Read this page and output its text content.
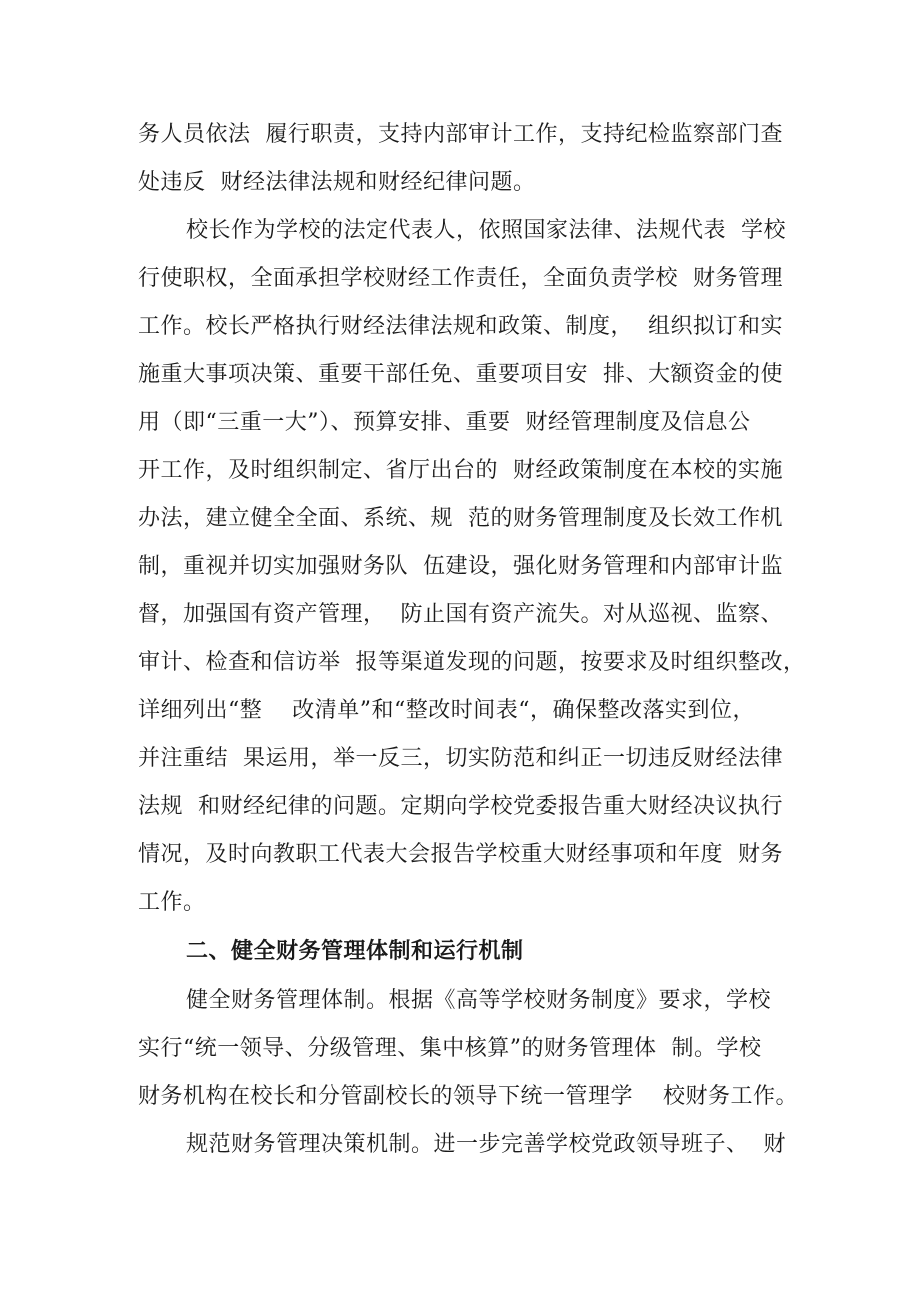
务人员依法  履行职责，支持内部审计工作，支持纪检监察部门查

处违反  财经法律法规和财经纪律问题。

校长作为学校的法定代表人，依照国家法律、法规代表  学校

行使职权，全面承担学校财经工作责任，全面负责学校  财务管理

工作。校长严格执行财经法律法规和政策、制度，  组织拟订和实

施重大事项决策、重要干部任免、重要项目安  排、大额资金的使

用（即“三重一大”）、预算安排、重要  财经管理制度及信息公

开工作，及时组织制定、省厅出台的  财经政策制度在本校的实施

办法，建立健全全面、系统、规  范的财务管理制度及长效工作机

制，重视并切实加强财务队  伍建设，强化财务管理和内部审计监

督，加强国有资产管理，  防止国有资产流失。对从巡视、监察、

审计、检查和信访举  报等渠道发现的问题，按要求及时组织整改，

详细列出“整    改清单”和“整改时间表“，确保整改落实到位，

并注重结  果运用，举一反三，切实防范和纠正一切违反财经法律

法规  和财经纪律的问题。定期向学校党委报告重大财经决议执行

情况，及时向教职工代表大会报告学校重大财经事项和年度  财务

工作。

二、健全财务管理体制和运行机制

健全财务管理体制。根据《高等学校财务制度》要求，学校

实行“统一领导、分级管理、集中核算”的财务管理体  制。学校

财务机构在校长和分管副校长的领导下统一管理学    校财务工作。

规范财务管理决策机制。进一步完善学校党政领导班子、  财
